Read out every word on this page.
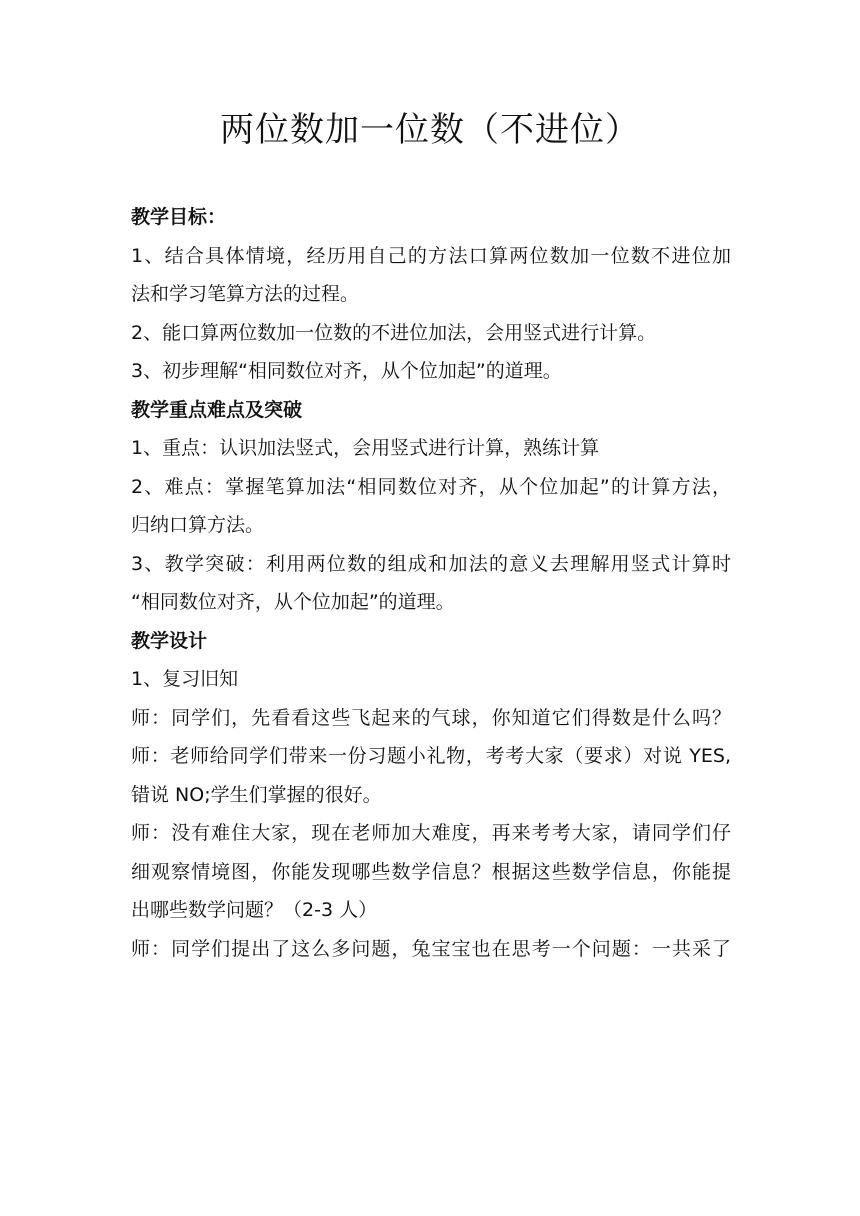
两位数加一位数（不进位）

教学目标：

1、结合具体情境，经历用自己的方法口算两位数加一位数不进位加

法和学习笔算方法的过程。

2、能口算两位数加一位数的不进位加法，会用竖式进行计算。

3、初步理解“相同数位对齐，从个位加起”的道理。

教学重点难点及突破

1、重点：认识加法竖式，会用竖式进行计算，熟练计算

2、难点：掌握笔算加法“相同数位对齐，从个位加起”的计算方法，

归纳口算方法。

3、教学突破：利用两位数的组成和加法的意义去理解用竖式计算时

“相同数位对齐，从个位加起”的道理。

教学设计

1、复习旧知

师：同学们，先看看这些飞起来的气球，你知道它们得数是什么吗？

师：老师给同学们带来一份习题小礼物，考考大家（要求）对说 YES,

错说 NO;学生们掌握的很好。

师：没有难住大家，现在老师加大难度，再来考考大家，请同学们仔

细观察情境图，你能发现哪些数学信息？根据这些数学信息，你能提

出哪些数学问题？（2-3 人）

师：同学们提出了这么多问题，兔宝宝也在思考一个问题：一共采了
